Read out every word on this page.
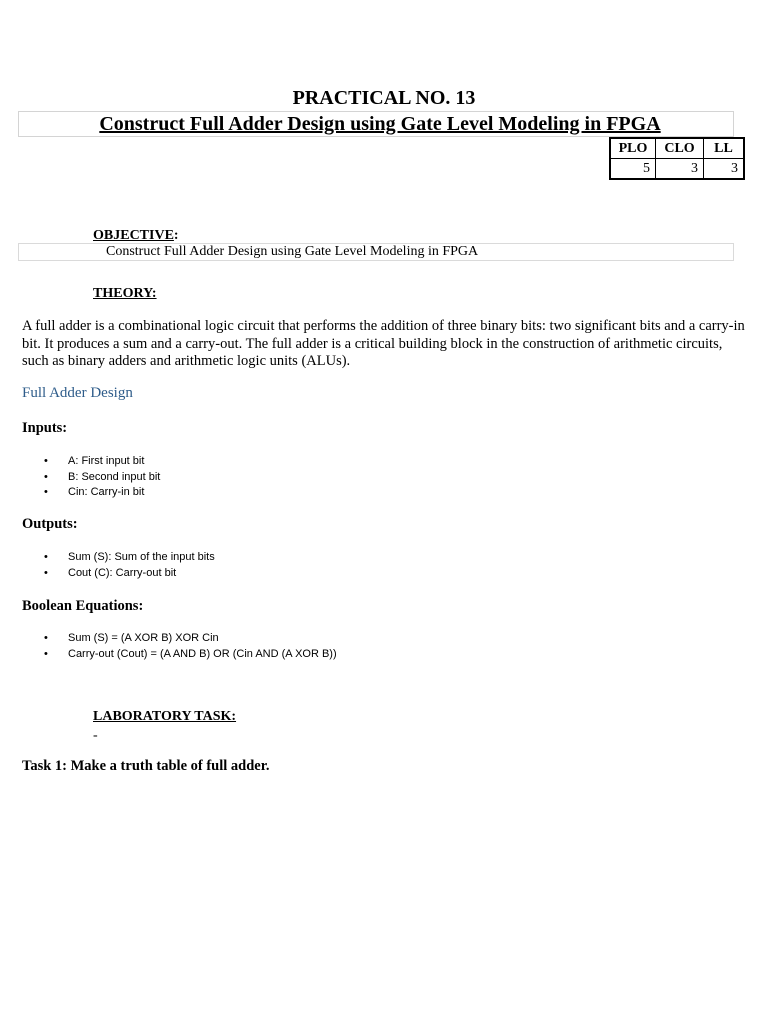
PRACTICAL NO. 13
Construct Full Adder Design using Gate Level Modeling in FPGA
PLO	CLO	LL
5	3	3
OBJECTIVE:
Construct Full Adder Design using Gate Level Modeling in FPGA
THEORY:
A full adder is a combinational logic circuit that performs the addition of three binary bits: two significant bits and a carry-in bit. It produces a sum and a carry-out. The full adder is a critical building block in the construction of arithmetic circuits, such as binary adders and arithmetic logic units (ALUs).
Full Adder Design
Inputs:
• A: First input bit
• B: Second input bit
• Cin: Carry-in bit
Outputs:
• Sum (S): Sum of the input bits
• Cout (C): Carry-out bit
Boolean Equations:
• Sum (S) = (A XOR B) XOR Cin
• Carry-out (Cout) = (A AND B) OR (Cin AND (A XOR B))
LABORATORY TASK:
-
Task 1: Make a truth table of full adder.
